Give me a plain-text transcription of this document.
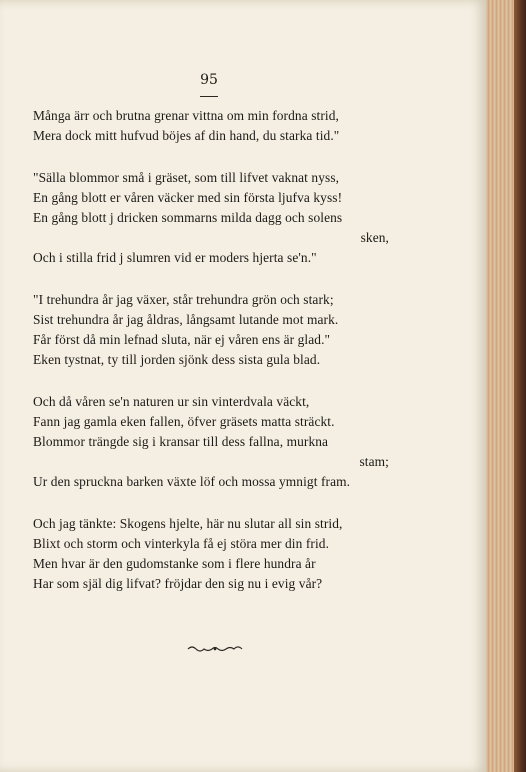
95
Många ärr och brutna grenar vittna om min fordna strid,
Mera dock mitt hufvud böjes af din hand, du starka tid."
"Sälla blommor små i gräset, som till lifvet vaknat nyss,
En gång blott er våren väcker med sin första ljufva kyss!
En gång blott j dricken sommarns milda dagg och solens
sken,
Och i stilla frid j slumren vid er moders hjerta se'n."
"I trehundra år jag växer, står trehundra grön och stark;
Sist trehundra år jag åldras, långsamt lutande mot mark.
Får först då min lefnad sluta, när ej våren ens är glad."
Eken tystnat, ty till jorden sjönk dess sista gula blad.
Och då våren se'n naturen ur sin vinterdvala väckt,
Fann jag gamla eken fallen, öfver gräsets matta sträckt.
Blommor trängde sig i kransar till dess fallna, murkna
stam;
Ur den spruckna barken växte löf och mossa ymnigt fram.
Och jag tänkte: Skogens hjelte, här nu slutar all sin strid,
Blixt och storm och vinterkyla få ej störa mer din frid.
Men hvar är den gudomstanke som i flere hundra år
Har som själ dig lifvat? fröjdar den sig nu i evig vår?
